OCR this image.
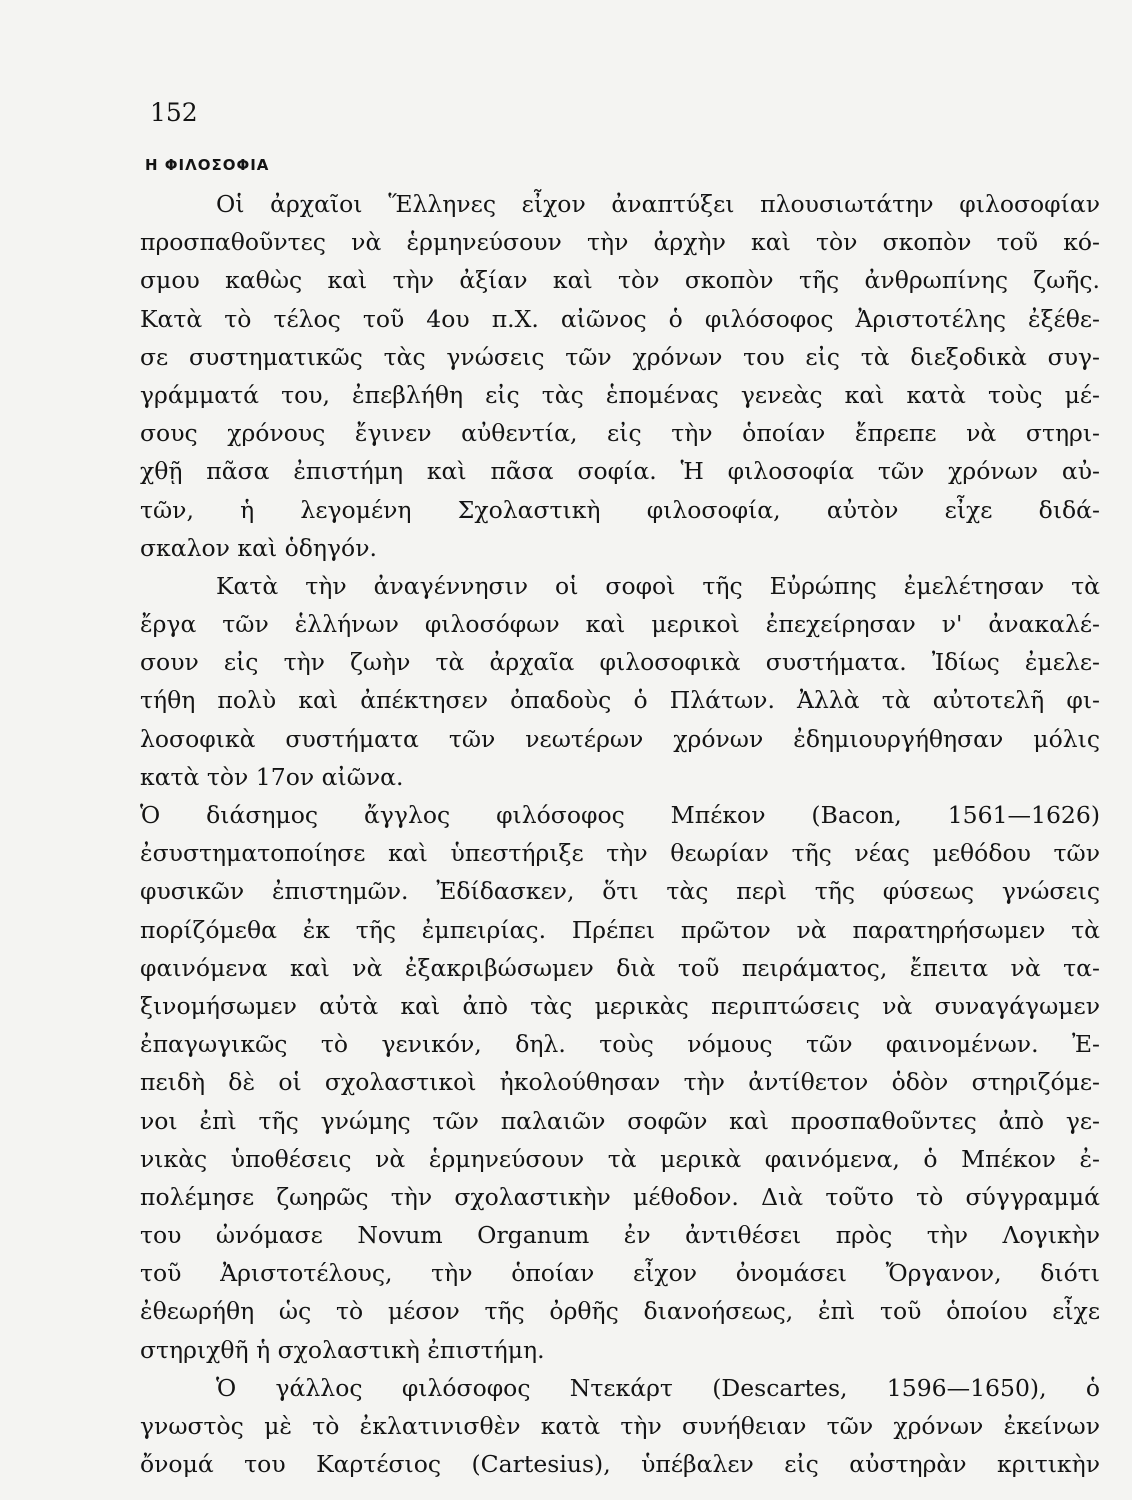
152
Η ΦΙΛΟΣΟΦΙΑ
Οἱ ἀρχαῖοι Ἕλληνες εἶχον ἀναπτύξει πλουσιωτάτην φιλοσοφίαν
προσπαθοῦντες νὰ ἑρμηνεύσουν τὴν ἀρχὴν καὶ τὸν σκοπὸν τοῦ κό-
σμου καθὼς καὶ τὴν ἀξίαν καὶ τὸν σκοπὸν τῆς ἀνθρωπίνης ζωῆς.
Κατὰ τὸ τέλος τοῦ 4ου π.Χ. αἰῶνος ὁ φιλόσοφος Ἀριστοτέλης ἐξέθε-
σε συστηματικῶς τὰς γνώσεις τῶν χρόνων του εἰς τὰ διεξοδικὰ συγ-
γράμματά του, ἐπεβλήθη εἰς τὰς ἑπομένας γενεὰς καὶ κατὰ τοὺς μέ-
σους χρόνους ἔγινεν αὐθεντία, εἰς τὴν ὁποίαν ἔπρεπε νὰ στηρι-
χθῇ πᾶσα ἐπιστήμη καὶ πᾶσα σοφία. Ἡ φιλοσοφία τῶν χρόνων αὐ-
τῶν, ἡ λεγομένη Σχολαστικὴ φιλοσοφία, αὐτὸν εἶχε διδά-
σκαλον καὶ ὁδηγόν.
Κατὰ τὴν ἀναγέννησιν οἱ σοφοὶ τῆς Εὐρώπης ἐμελέτησαν τὰ
ἔργα τῶν ἑλλήνων φιλοσόφων καὶ μερικοὶ ἐπεχείρησαν ν' ἀνακαλέ-
σουν εἰς τὴν ζωὴν τὰ ἀρχαῖα φιλοσοφικὰ συστήματα. Ἰδίως ἐμελε-
τήθη πολὺ καὶ ἀπέκτησεν ὀπαδοὺς ὁ Πλάτων. Ἀλλὰ τὰ αὐτοτελῆ φι-
λοσοφικὰ συστήματα τῶν νεωτέρων χρόνων ἐδημιουργήθησαν μόλις
κατὰ τὸν 17ον αἰῶνα.
Ὁ διάσημος ἄγγλος φιλόσοφος Μπέκον (Bacon, 1561—1626)
ἐσυστηματοποίησε καὶ ὑπεστήριξε τὴν θεωρίαν τῆς νέας μεθόδου τῶν
φυσικῶν ἐπιστημῶν. Ἐδίδασκεν, ὅτι τὰς περὶ τῆς φύσεως γνώσεις
πορίζόμεθα ἐκ τῆς ἐμπειρίας. Πρέπει πρῶτον νὰ παρατηρήσωμεν τὰ
φαινόμενα καὶ νὰ ἐξακριβώσωμεν διὰ τοῦ πειράματος, ἔπειτα νὰ τα-
ξινομήσωμεν αὐτὰ καὶ ἀπὸ τὰς μερικὰς περιπτώσεις νὰ συναγάγωμεν
ἐπαγωγικῶς τὸ γενικόν, δηλ. τοὺς νόμους τῶν φαινομένων. Ἐ-
πειδὴ δὲ οἱ σχολαστικοὶ ἠκολούθησαν τὴν ἀντίθετον ὁδὸν στηριζόμε-
νοι ἐπὶ τῆς γνώμης τῶν παλαιῶν σοφῶν καὶ προσπαθοῦντες ἀπὸ γε-
νικὰς ὑποθέσεις νὰ ἑρμηνεύσουν τὰ μερικὰ φαινόμενα, ὁ Μπέκον ἐ-
πολέμησε ζωηρῶς τὴν σχολαστικὴν μέθοδον. Διὰ τοῦτο τὸ σύγγραμμά
του ὠνόμασε Novum Organum ἐν ἀντιθέσει πρὸς τὴν Λογικὴν
τοῦ Ἀριστοτέλους, τὴν ὁποίαν εἶχον ὀνομάσει Ὄργανον, διότι
ἐθεωρήθη ὡς τὸ μέσον τῆς ὀρθῆς διανοήσεως, ἐπὶ τοῦ ὁποίου εἶχε
στηριχθῆ ἡ σχολαστικὴ ἐπιστήμη.
Ὁ γάλλος φιλόσοφος Ντεκάρτ (Descartes, 1596—1650), ὁ
γνωστὸς μὲ τὸ ἐκλατινισθὲν κατὰ τὴν συνήθειαν τῶν χρόνων ἐκείνων
ὄνομά του Καρτέσιος (Cartesius), ὑπέβαλεν εἰς αὐστηρὰν κριτικὴν
